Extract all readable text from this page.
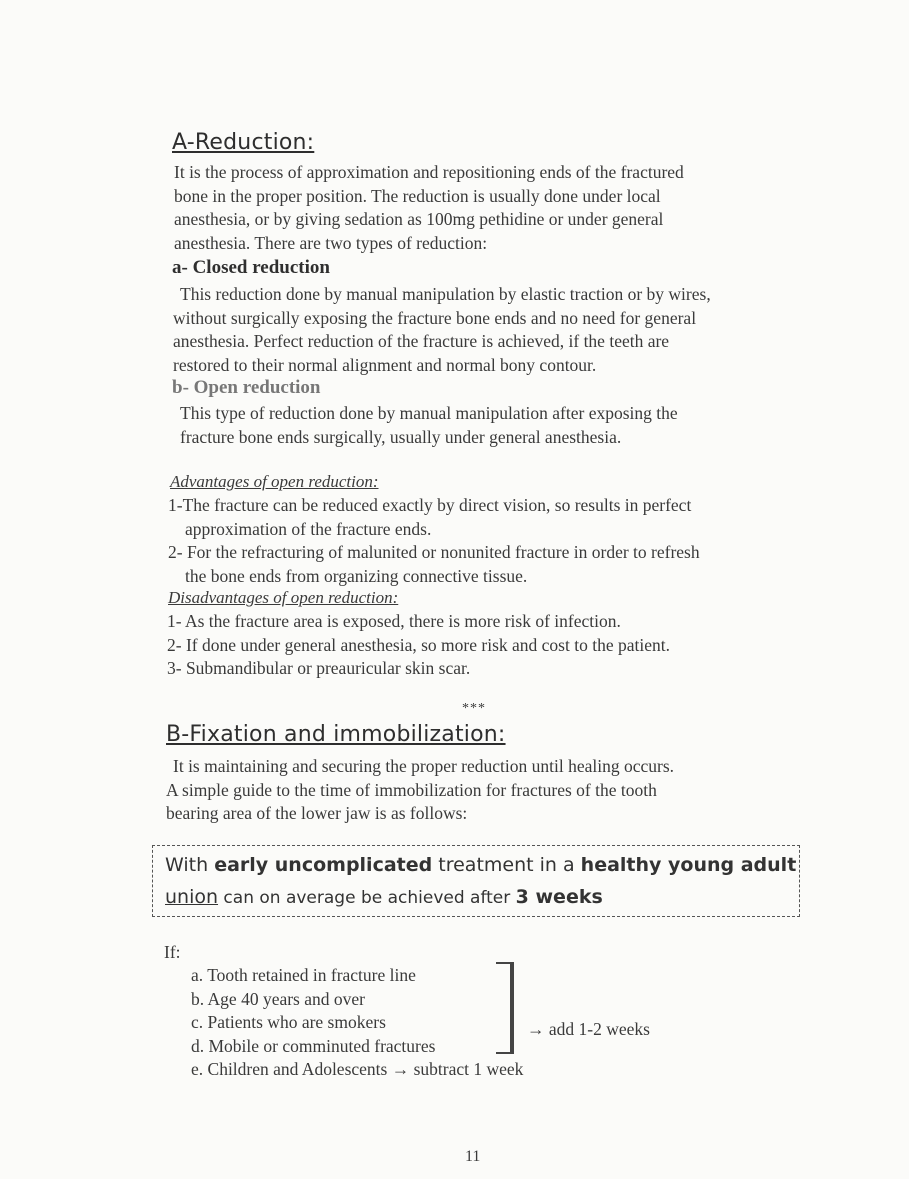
A-Reduction:
It is the process of approximation and repositioning ends of the fractured
bone in the proper position. The reduction is usually done under local
anesthesia, or by giving sedation as 100mg pethidine or under general
anesthesia. There are two types of reduction:
a- Closed reduction
This reduction done by manual manipulation by elastic traction or by wires,
without surgically exposing the fracture bone ends and no need for general
anesthesia. Perfect reduction of the fracture is achieved, if the teeth are
restored to their normal alignment and normal bony contour.
b- Open reduction
This type of reduction done by manual manipulation after exposing the
fracture bone ends surgically, usually under general anesthesia.
Advantages of open reduction:
1-The fracture can be reduced exactly by direct vision, so results in perfect
approximation of the fracture ends.
2- For the refracturing of malunited or nonunited fracture in order to refresh
the bone ends from organizing connective tissue.
Disadvantages of open reduction:
1- As the fracture area is exposed, there is more risk of infection.
2- If done under general anesthesia, so more risk and cost to the patient.
3- Submandibular or preauricular skin scar.
***
B-Fixation and immobilization:
It is maintaining and securing the proper reduction until healing occurs.
A simple guide to the time of immobilization for fractures of the tooth
bearing area of the lower jaw is as follows:
With early uncomplicated treatment in a healthy young adult
union can on average be achieved after 3 weeks
If:
a. Tooth retained in fracture line
b. Age 40 years and over
c. Patients who are smokers
d. Mobile or comminuted fractures
e. Children and Adolescents → subtract 1 week
→ add 1-2 weeks
11
